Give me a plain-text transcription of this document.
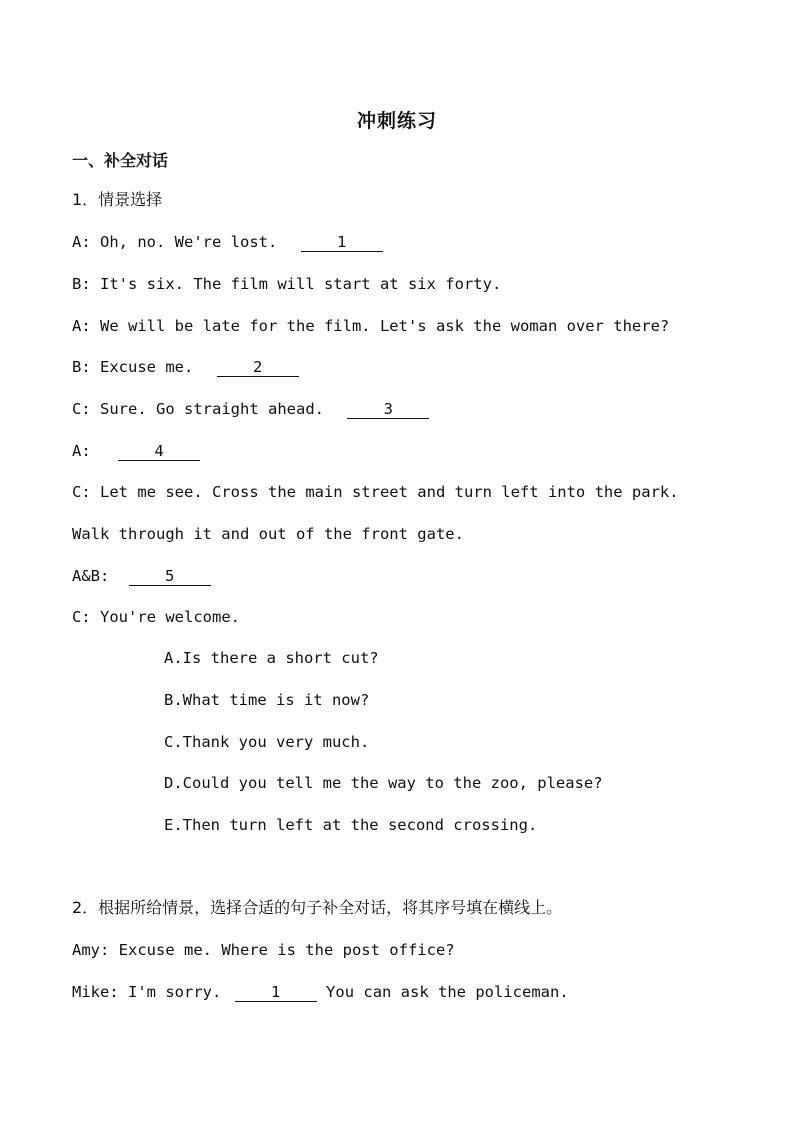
冲刺练习
一、补全对话
1．情景选择
A: Oh, no. We're lost.	1
B: It's six. The film will start at six forty.
A: We will be late for the film. Let's ask the woman over there?
B: Excuse me.	2
C: Sure. Go straight ahead.	3
A:	4
C: Let me see. Cross the main street and turn left into the park.
Walk through it and out of the front gate.
A&B:	5
C: You're welcome.
A.Is there a short cut?
B.What time is it now?
C.Thank you very much.
D.Could you tell me the way to the zoo, please?
E.Then turn left at the second crossing.
2．根据所给情景，选择合适的句子补全对话，将其序号填在横线上。
Amy: Excuse me. Where is the post office?
Mike: I'm sorry.	1	You can ask the policeman.
